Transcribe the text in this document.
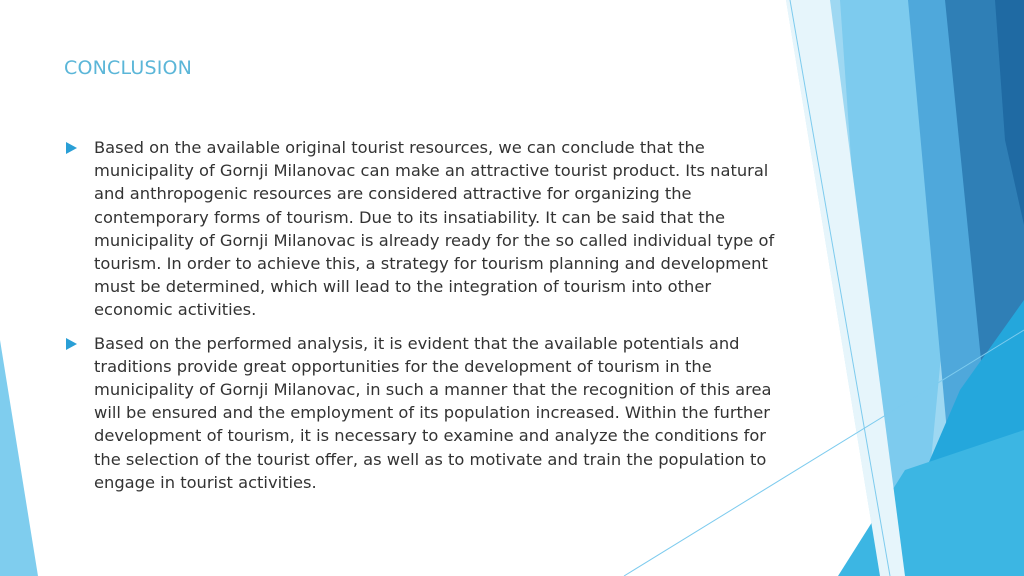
CONCLUSION
Based on the available original tourist resources, we can conclude that the municipality of Gornji Milanovac can make an attractive tourist product. Its natural and anthropogenic resources are considered attractive for organizing the contemporary forms of tourism. Due to its insatiability. It can be said that the municipality of Gornji Milanovac is already ready for the so called individual type of tourism. In order to achieve this, a strategy for tourism planning and development must be determined, which will lead to the integration of tourism into other economic activities.
Based on the performed analysis, it is evident that the available potentials and traditions provide great opportunities for the development of tourism in the municipality of Gornji Milanovac, in such a manner that the recognition of this area will be ensured and the employment of its population increased. Within the further development of tourism, it is necessary to examine and analyze the conditions for the selection of the tourist offer, as well as to motivate and train the population to engage in tourist activities.
